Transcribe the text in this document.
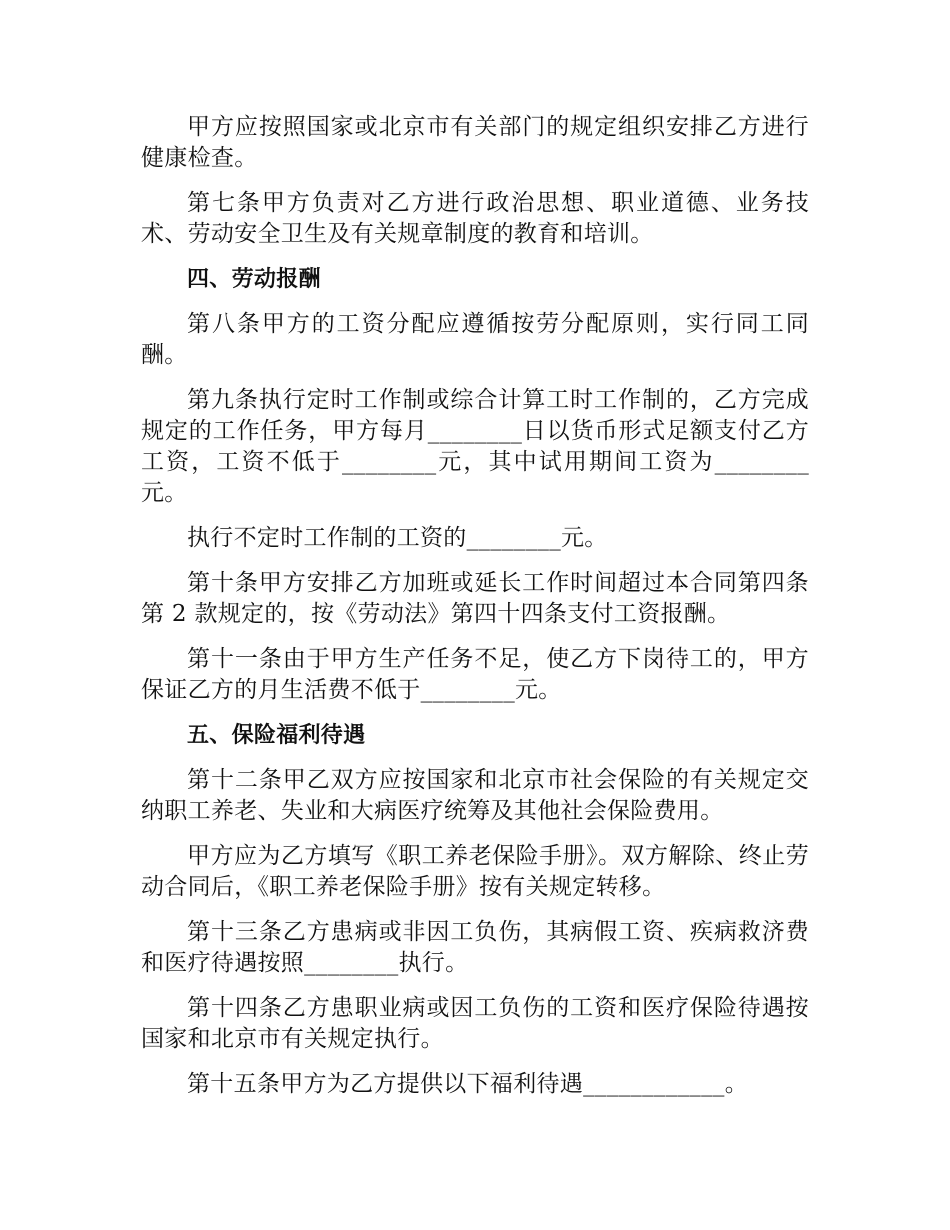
甲方应按照国家或北京市有关部门的规定组织安排乙方进行健康检查。

第七条甲方负责对乙方进行政治思想、职业道德、业务技术、劳动安全卫生及有关规章制度的教育和培训。

四、劳动报酬

第八条甲方的工资分配应遵循按劳分配原则，实行同工同酬。

第九条执行定时工作制或综合计算工时工作制的，乙方完成规定的工作任务，甲方每月________日以货币形式足额支付乙方工资，工资不低于________元，其中试用期间工资为________元。

执行不定时工作制的工资的________元。

第十条甲方安排乙方加班或延长工作时间超过本合同第四条第 2 款规定的，按《劳动法》第四十四条支付工资报酬。

第十一条由于甲方生产任务不足，使乙方下岗待工的，甲方保证乙方的月生活费不低于________元。

五、保险福利待遇

第十二条甲乙双方应按国家和北京市社会保险的有关规定交纳职工养老、失业和大病医疗统筹及其他社会保险费用。

甲方应为乙方填写《职工养老保险手册》。双方解除、终止劳动合同后，《职工养老保险手册》按有关规定转移。

第十三条乙方患病或非因工负伤，其病假工资、疾病救济费和医疗待遇按照________执行。

第十四条乙方患职业病或因工负伤的工资和医疗保险待遇按国家和北京市有关规定执行。

第十五条甲方为乙方提供以下福利待遇____________。
